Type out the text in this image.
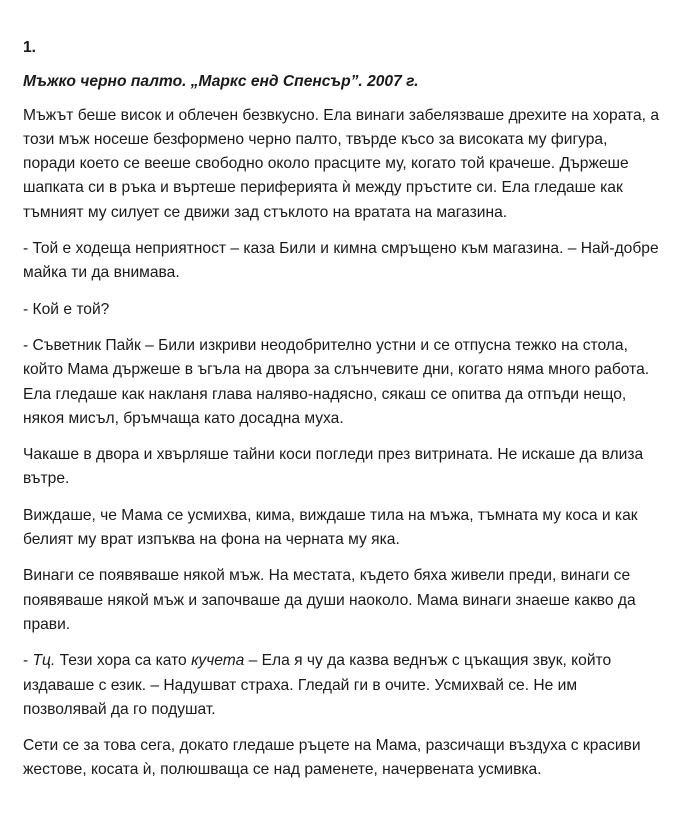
1.

Мъжко черно палто. „Маркс енд Спенсър”. 2007 г.

Мъжът беше висок и облечен безвкусно. Ела винаги забелязваше дрехите на хората, а този мъж носеше безформено черно палто, твърде късо за високата му фигура, поради което се вееше свободно около прасците му, когато той крачеше. Държеше шапката си в ръка и въртеше периферията ѝ между пръстите си. Ела гледаше как тъмният му силует се движи зад стъклото на вратата на магазина.

- Той е ходеща неприятност – каза Били и кимна смръщено към магазина. – Най-добре майка ти да внимава.

- Кой е той?

- Съветник Пайк – Били изкриви неодобрително устни и се отпусна тежко на стола, който Мама държеше в ъгъла на двора за слънчевите дни, когато няма много работа. Ела гледаше как накланя глава наляво-надясно, сякаш се опитва да отпъди нещо, някоя мисъл, бръмчаща като досадна муха.

Чакаше в двора и хвърляше тайни коси погледи през витрината. Не искаше да влиза вътре.

Виждаше, че Мама се усмихва, кима, виждаше тила на мъжа, тъмната му коса и как белият му врат изпъква на фона на черната му яка.

Винаги се появяваше някой мъж. На местата, където бяха живели преди, винаги се появяваше някой мъж и започваше да души наоколо. Мама винаги знаеше какво да прави.

- Тц. Тези хора са като кучета – Ела я чу да казва веднъж с цъкащия звук, който издаваше с език. – Надушват страха. Гледай ги в очите. Усмихвай се. Не им позволявай да го подушат.

Сети се за това сега, докато гледаше ръцете на Мама, разсичащи въздуха с красиви жестове, косата ѝ, полюшваща се над раменете, начервената усмивка.
